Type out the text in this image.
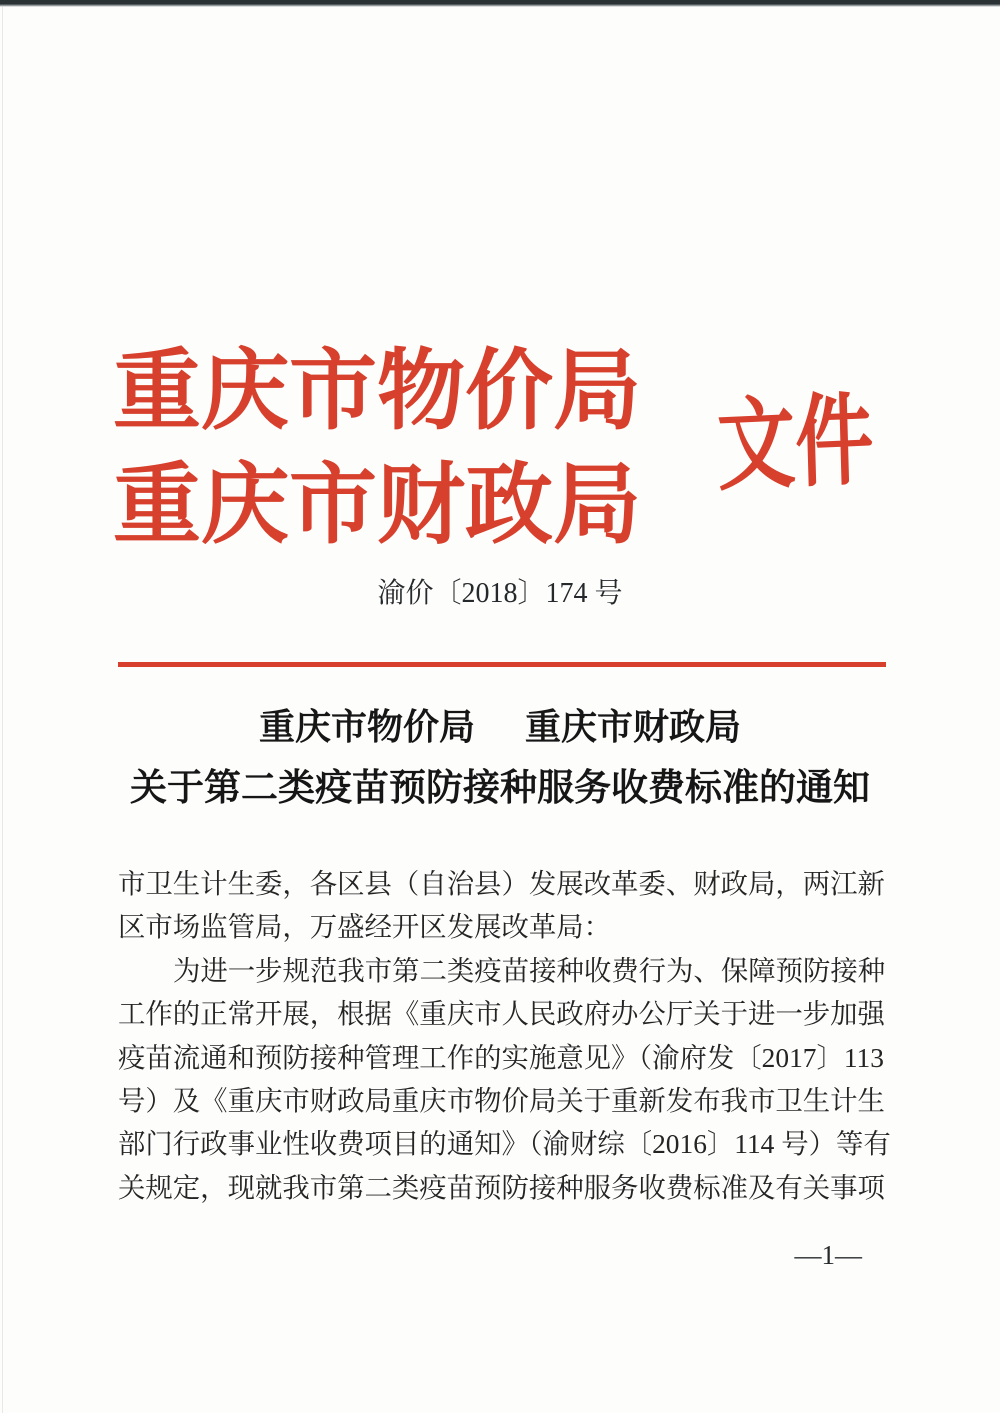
重庆市物价局
重庆市财政局
文件
渝价〔2018〕174 号
重庆市物价局 重庆市财政局
关于第二类疫苗预防接种服务收费标准的通知
市卫生计生委，各区县（自治县）发展改革委、财政局，两江新
区市场监管局，万盛经开区发展改革局：
为进一步规范我市第二类疫苗接种收费行为、保障预防接种
工作的正常开展，根据《重庆市人民政府办公厅关于进一步加强
疫苗流通和预防接种管理工作的实施意见》（渝府发〔2017〕113
号）及《重庆市财政局重庆市物价局关于重新发布我市卫生计生
部门行政事业性收费项目的通知》（渝财综〔2016〕114 号）等有
关规定，现就我市第二类疫苗预防接种服务收费标准及有关事项
—1—
